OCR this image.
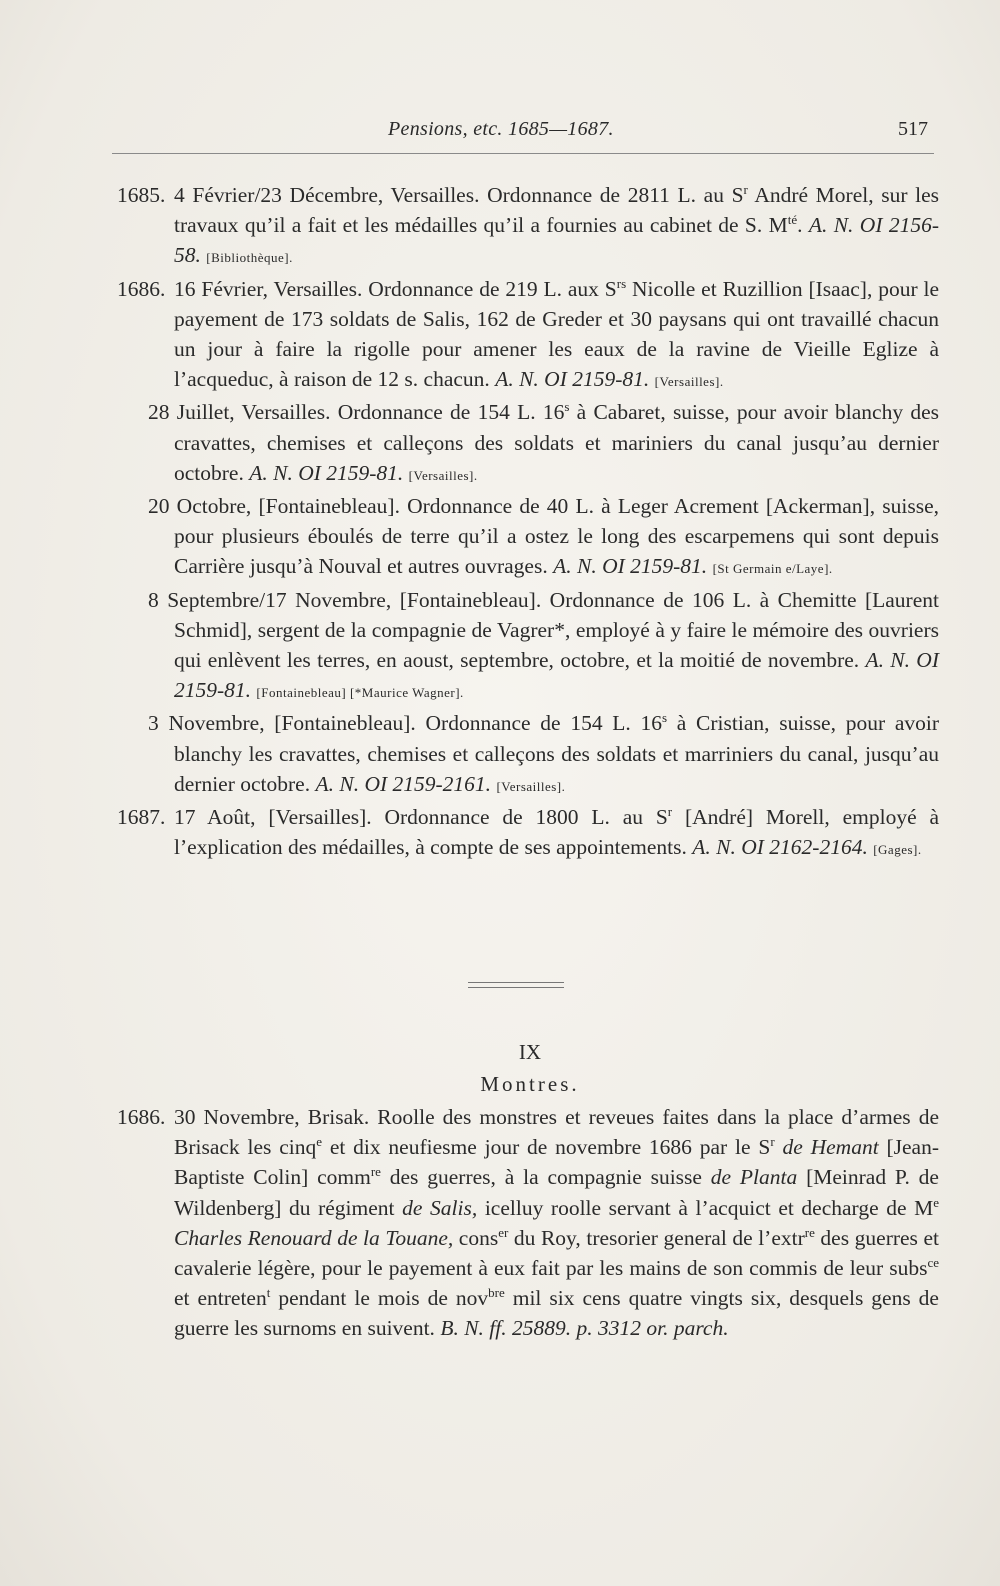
Pensions, etc. 1685—1687.	517

1685. 4 Février/23 Décembre, Versailles. Ordonnance de 2811 L. au $S^r$ André Morel, sur les travaux qu’il a fait et les médailles qu’il a fournies au cabinet de S. $M^{té}$. A. N. OI 2156-58. [Bibliothèque].

1686. 16 Février, Versailles. Ordonnance de 219 L. aux $S^{rs}$ Nicolle et Ruzillion [Isaac], pour le payement de 173 soldats de Salis, 162 de Greder et 30 paysans qui ont travaillé chacun un jour à faire la rigolle pour amener les eaux de la ravine de Vieille Eglize à l’acqueduc, à raison de 12 s. chacun. A. N. OI 2159-81. [Versailles].

28 Juillet, Versailles. Ordonnance de 154 L. 16$^s$ à Cabaret, suisse, pour avoir blanchy des cravattes, chemises et calleçons des soldats et mariniers du canal jusqu’au dernier octobre. A. N. OI 2159-81. [Versailles].

20 Octobre, [Fontainebleau]. Ordonnance de 40 L. à Leger Acrement [Ackerman], suisse, pour plusieurs éboulés de terre qu’il a ostez le long des escarpemens qui sont depuis Carrière jusqu’à Nouval et autres ouvrages. A. N. OI 2159-81. [St Germain e/Laye].

8 Septembre/17 Novembre, [Fontainebleau]. Ordonnance de 106 L. à Chemitte [Laurent Schmid], sergent de la compagnie de Vagrer*, employé à y faire le mémoire des ouvriers qui enlèvent les terres, en aoust, septembre, octobre, et la moitié de novembre. A. N. OI 2159-81. [Fontainebleau] [*Maurice Wagner].

3 Novembre, [Fontainebleau]. Ordonnance de 154 L. 16$^s$ à Cristian, suisse, pour avoir blanchy les cravattes, chemises et calleçons des soldats et marriniers du canal, jusqu’au dernier octobre. A. N. OI 2159-2161. [Versailles].

1687. 17 Août, [Versailles]. Ordonnance de 1800 L. au $S^r$ [André] Morell, employé à l’explication des médailles, à compte de ses appointements. A. N. OI 2162-2164. [Gages].

IX
Montres.

1686. 30 Novembre, Brisak. Roolle des monstres et reveues faites dans la place d’armes de Brisack les cinq$^e$ et dix neufiesme jour de novembre 1686 par le $S^r$ de Hemant [Jean-Baptiste Colin] comm$^{re}$ des guerres, à la compagnie suisse de Planta [Meinrad P. de Wildenberg] du régiment de Salis, icelluy roolle servant à l’acquict et decharge de Me Charles Renouard de la Touane, cons$^{er}$ du Roy, tresorier general de l’extr$^{re}$ des guerres et cavalerie légère, pour le payement à eux fait par les mains de son commis de leur subs$^{ce}$ et entreten$^t$ pendant le mois de nov$^{bre}$ mil six cens quatre vingts six, desquels gens de guerre les surnoms en suivent. B. N. ff. 25889. p. 3312 or. parch.
